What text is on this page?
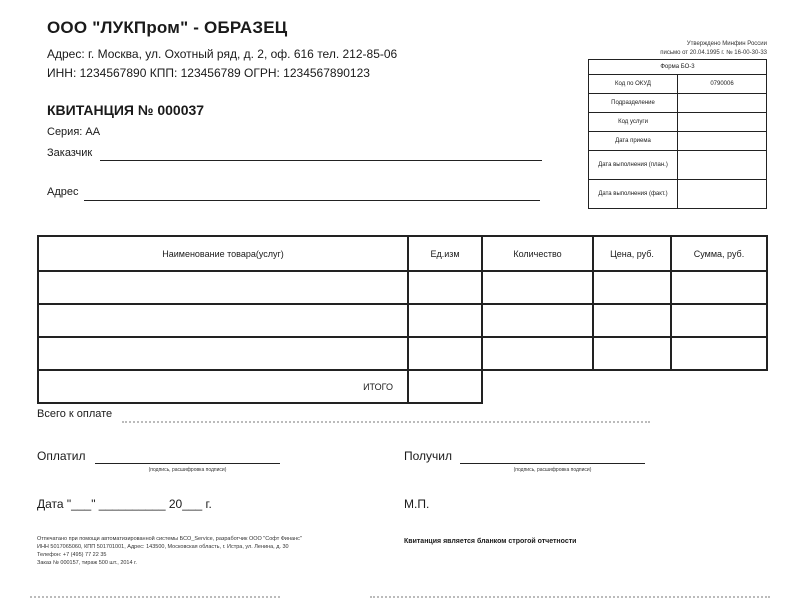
ООО "ЛУКПром" - ОБРАЗЕЦ
Адрес: г. Москва, ул. Охотный ряд, д. 2, оф. 616 тел. 212-85-06
ИНН: 1234567890 КПП: 123456789 ОГРН: 1234567890123
КВИТАНЦИЯ № 000037
Серия: АА
Заказчик
Адрес
Утверждено Минфин России
письмо от 20.04.1995 г. № 16-00-30-33
Форма БО-3	
Код по ОКУД	0790006
Подразделение	
Код услуги	
Дата приема	
Дата выполнения (план.)	
Дата выполнения (факт.)	
Наименование товара(услуг)	Ед.изм	Количество	Цена, руб.	Сумма, руб.

ИТОГО				
Всего к оплате
Оплатил
(подпись, расшифровка подписи)
Получил
(подпись, расшифровка подписи)
Дата "___" __________ 20___ г.	М.П.
Отпечатано при помощи автоматизированной системы БСО_Service, разработчик ООО "Софт Финанс"
ИНН 5017065060, КПП 501701001, Адрес: 143500, Московская область, г. Истра, ул. Ленина, д. 30
Телефон: +7 (495) 77 22 35
Заказ № 000157, тираж 500 шт., 2014 г.
Квитанция является бланком строгой отчетности
